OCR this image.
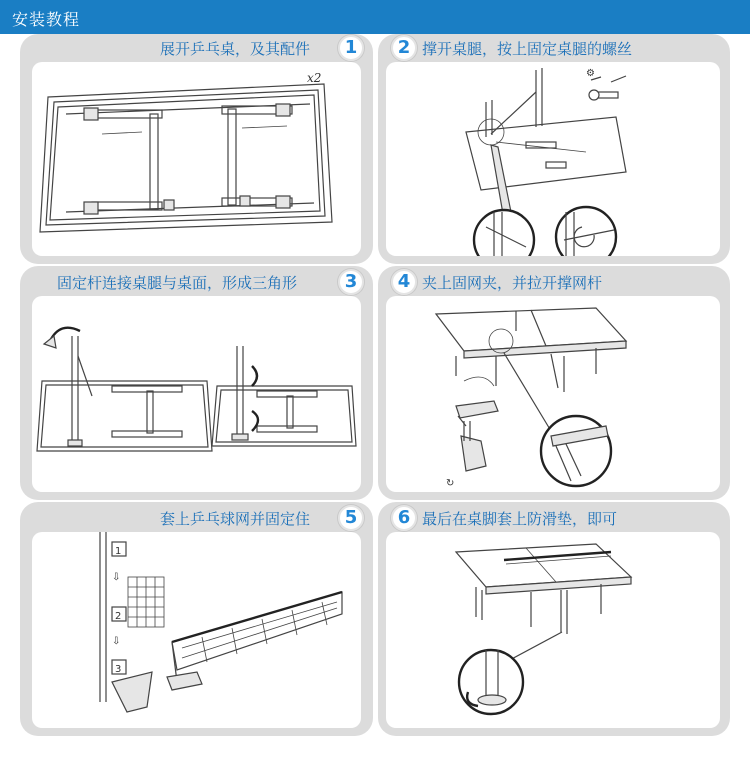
安装教程
展开乒乓桌，及其配件	1
x2
2 撑开桌腿，按上固定桌腿的螺丝
⚙
固定杆连接桌腿与桌面，形成三角形	3	4 夹上固网夹，并拉开撑网杆
↻
套上乒乓球网并固定住	5
1
⇩
2
⇩
3
6 最后在桌脚套上防滑垫，即可
